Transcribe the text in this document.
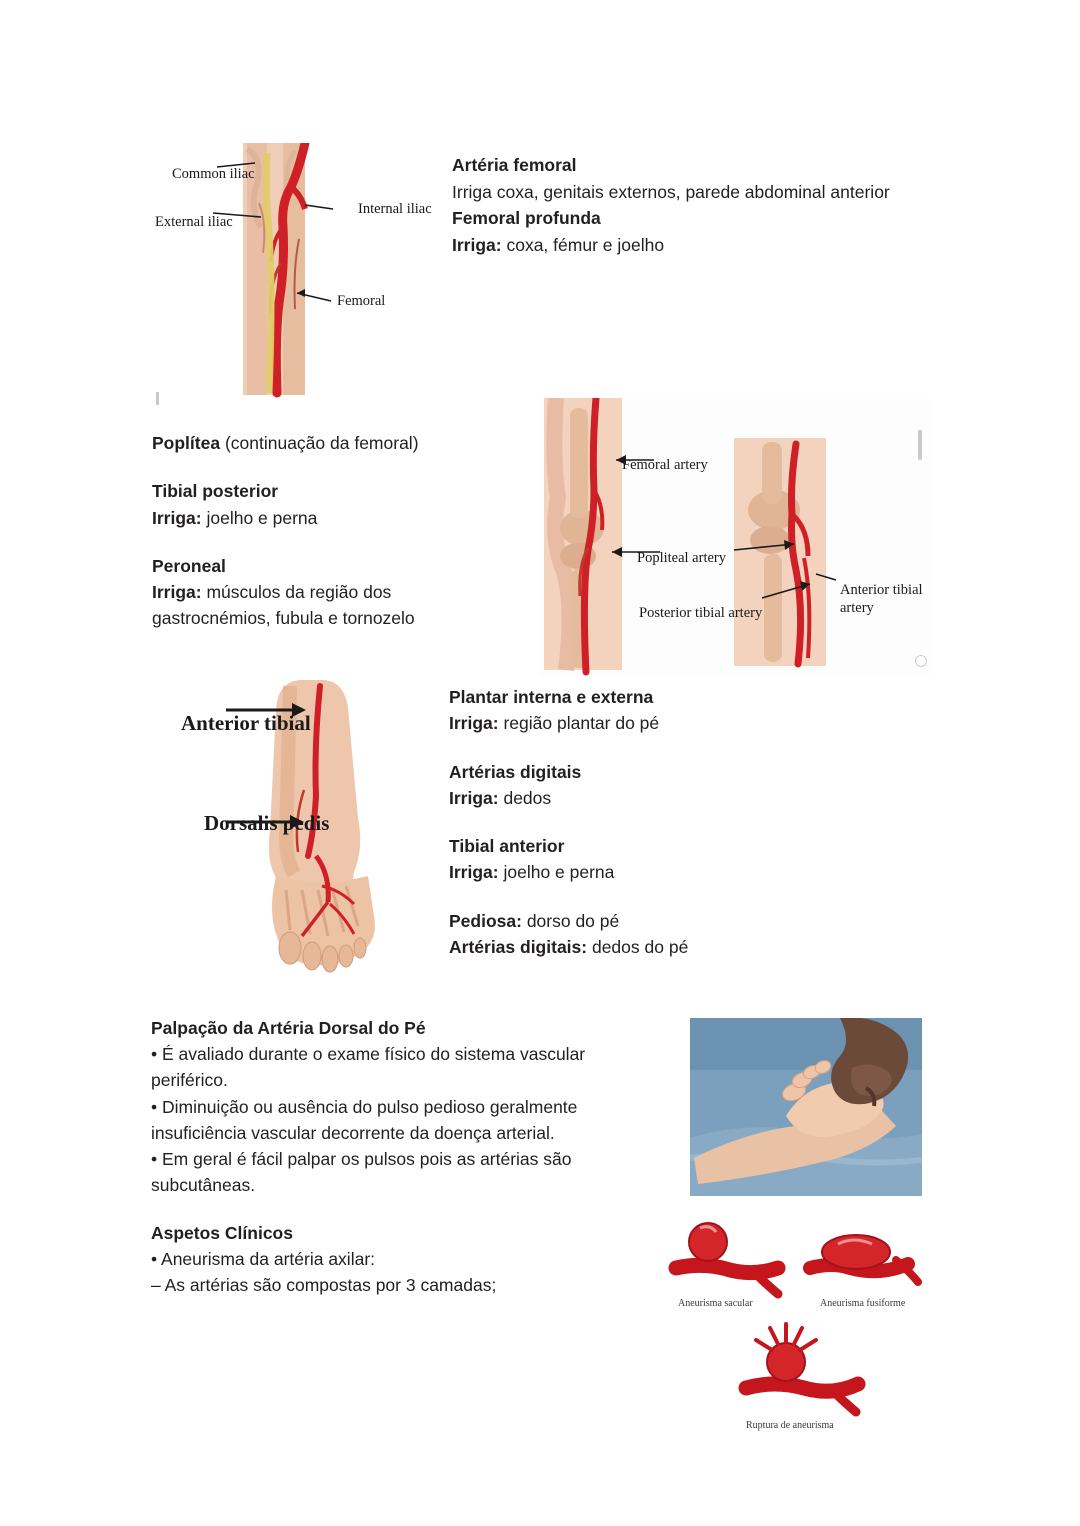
Common iliac
External iliac
Internal iliac
Femoral
Artéria femoral
Irriga coxa, genitais externos, parede abdominal anterior
Femoral profunda
Irriga: coxa, fémur e joelho
Poplítea (continuação da femoral)
Tibial posterior
Irriga: joelho e perna
Peroneal
Irriga: músculos da região dos gastrocnémios, fubula e tornozelo
Femoral artery
Popliteal artery
Posterior tibial artery
Anterior tibial artery
Anterior tibial
Dorsalis pedis
Plantar interna e externa
Irriga: região plantar do pé
Artérias digitais
Irriga: dedos
Tibial anterior
Irriga: joelho e perna
Pediosa: dorso do pé
Artérias digitais: dedos do pé
Palpação da Artéria Dorsal do Pé
• É avaliado durante o exame físico do sistema vascular periférico.
• Diminuição ou ausência do pulso pedioso geralmente insuficiência vascular decorrente da doença arterial.
• Em geral é fácil palpar os pulsos pois as artérias são subcutâneas.
Aspetos Clínicos
• Aneurisma da artéria axilar:
– As artérias são compostas por 3 camadas;
Aneurisma sacular	Aneurisma fusiforme
Ruptura de aneurisma
